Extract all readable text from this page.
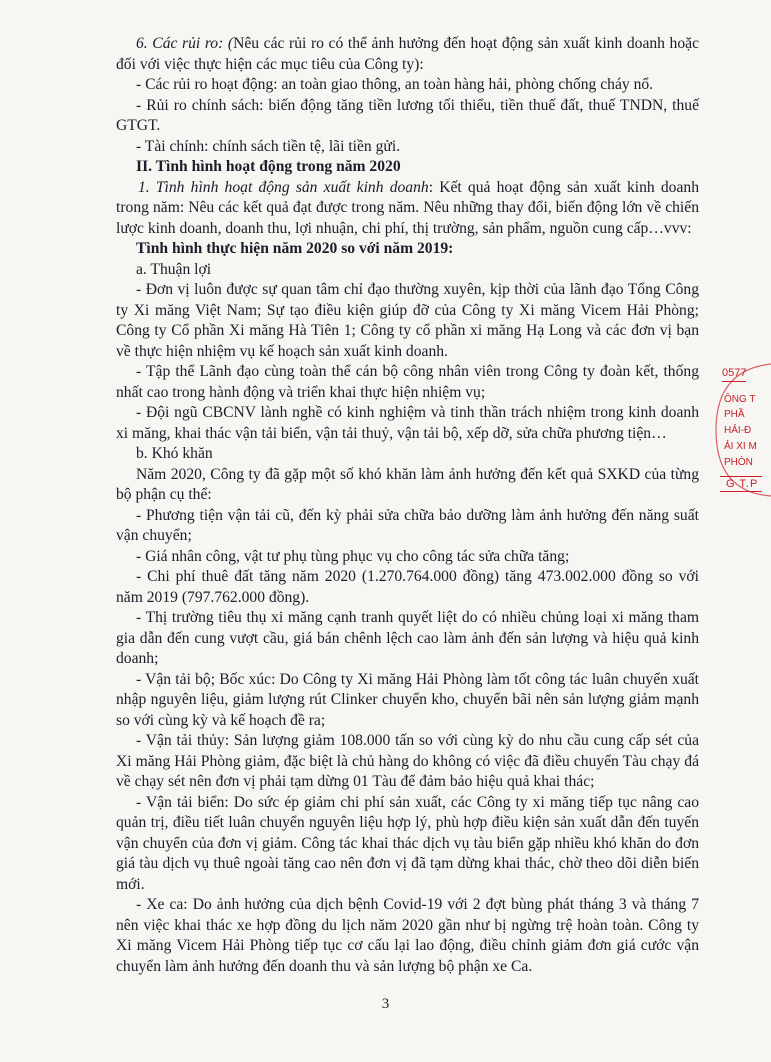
6. Các rủi ro: (Nêu các rủi ro có thể ảnh hưởng đến hoạt động sản xuất kinh doanh hoặc đối với việc thực hiện các mục tiêu của Công ty):

- Các rủi ro hoạt động: an toàn giao thông, an toàn hàng hải, phòng chống cháy nổ.

- Rủi ro chính sách: biến động tăng tiền lương tối thiểu, tiền thuế đất, thuế TNDN, thuế GTGT.

- Tài chính: chính sách tiền tệ, lãi tiền gửi.

II. Tình hình hoạt động trong năm 2020

1. Tình hình hoạt động sản xuất kinh doanh: Kết quả hoạt động sản xuất kinh doanh trong năm: Nêu các kết quả đạt được trong năm. Nêu những thay đổi, biến động lớn về chiến lược kinh doanh, doanh thu, lợi nhuận, chi phí, thị trường, sản phẩm, nguồn cung cấp…vvv:

Tình hình thực hiện năm 2020 so với năm 2019:

a. Thuận lợi

- Đơn vị luôn được sự quan tâm chỉ đạo thường xuyên, kịp thời của lãnh đạo Tổng Công ty Xi măng Việt Nam; Sự tạo điều kiện giúp đỡ của Công ty Xi măng Vicem Hải Phòng; Công ty Cổ phần Xi măng Hà Tiên 1; Công ty cổ phần xi măng Hạ Long và các đơn vị bạn về thực hiện nhiệm vụ kế hoạch sản xuất kinh doanh.

- Tập thể Lãnh đạo cùng toàn thể cán bộ công nhân viên trong Công ty đoàn kết, thống nhất cao trong hành động và triển khai thực hiện nhiệm vụ;

- Đội ngũ CBCNV lành nghề có kinh nghiệm và tinh thần trách nhiệm trong kinh doanh xi măng, khai thác vận tải biển, vận tải thuỷ, vận tải bộ, xếp dỡ, sửa chữa phương tiện…

b. Khó khăn

Năm 2020, Công ty đã gặp một số khó khăn làm ảnh hưởng đến kết quả SXKD của từng bộ phận cụ thể:

- Phương tiện vận tải cũ, đến kỳ phải sửa chữa bảo dưỡng làm ảnh hưởng đến năng suất vận chuyển;

- Giá nhân công, vật tư phụ tùng phục vụ cho công tác sửa chữa tăng;

- Chi phí thuê đất tăng năm 2020 (1.270.764.000 đồng) tăng 473.002.000 đồng so với năm 2019 (797.762.000 đồng).

- Thị trường tiêu thụ xi măng cạnh tranh quyết liệt do có nhiều chủng loại xi măng tham gia dẫn đến cung vượt cầu, giá bán chênh lệch cao làm ảnh đến sản lượng và hiệu quả kinh doanh;

- Vận tải bộ; Bốc xúc: Do Công ty Xi măng Hải Phòng làm tốt công tác luân chuyển xuất nhập nguyên liệu, giảm lượng rút Clinker chuyển kho, chuyển bãi nên sản lượng giảm mạnh so với cùng kỳ và kế hoạch đề ra;

- Vận tải thủy: Sản lượng giảm 108.000 tấn so với cùng kỳ do nhu cầu cung cấp sét của Xi măng Hải Phòng giảm, đặc biệt là chủ hàng do không có việc đã điều chuyển Tàu chạy đá về chạy sét nên đơn vị phải tạm dừng 01 Tàu để đảm bảo hiệu quả khai thác;

- Vận tải biển: Do sức ép giảm chi phí sản xuất, các Công ty xi măng tiếp tục nâng cao quản trị, điều tiết luân chuyển nguyên liệu hợp lý, phù hợp điều kiện sản xuất dẫn đến tuyến vận chuyển của đơn vị giảm. Công tác khai thác dịch vụ tàu biển gặp nhiều khó khăn do đơn giá tàu dịch vụ thuê ngoài tăng cao nên đơn vị đã tạm dừng khai thác, chờ theo dõi diễn biến mới.

- Xe ca: Do ảnh hưởng của dịch bệnh Covid-19 với 2 đợt bùng phát tháng 3 và tháng 7 nên việc khai thác xe hợp đồng du lịch năm 2020 gần như bị ngừng trệ hoàn toàn. Công ty Xi măng Vicem Hải Phòng tiếp tục cơ cấu lại lao động, điều chỉnh giảm đơn giá cước vận chuyển làm ảnh hưởng đến doanh thu và sản lượng bộ phận xe Ca.

3
0577
ÔNG T
PHẦ
HẢI-Đ
ẢI XI M
PHÒN
G T.P
